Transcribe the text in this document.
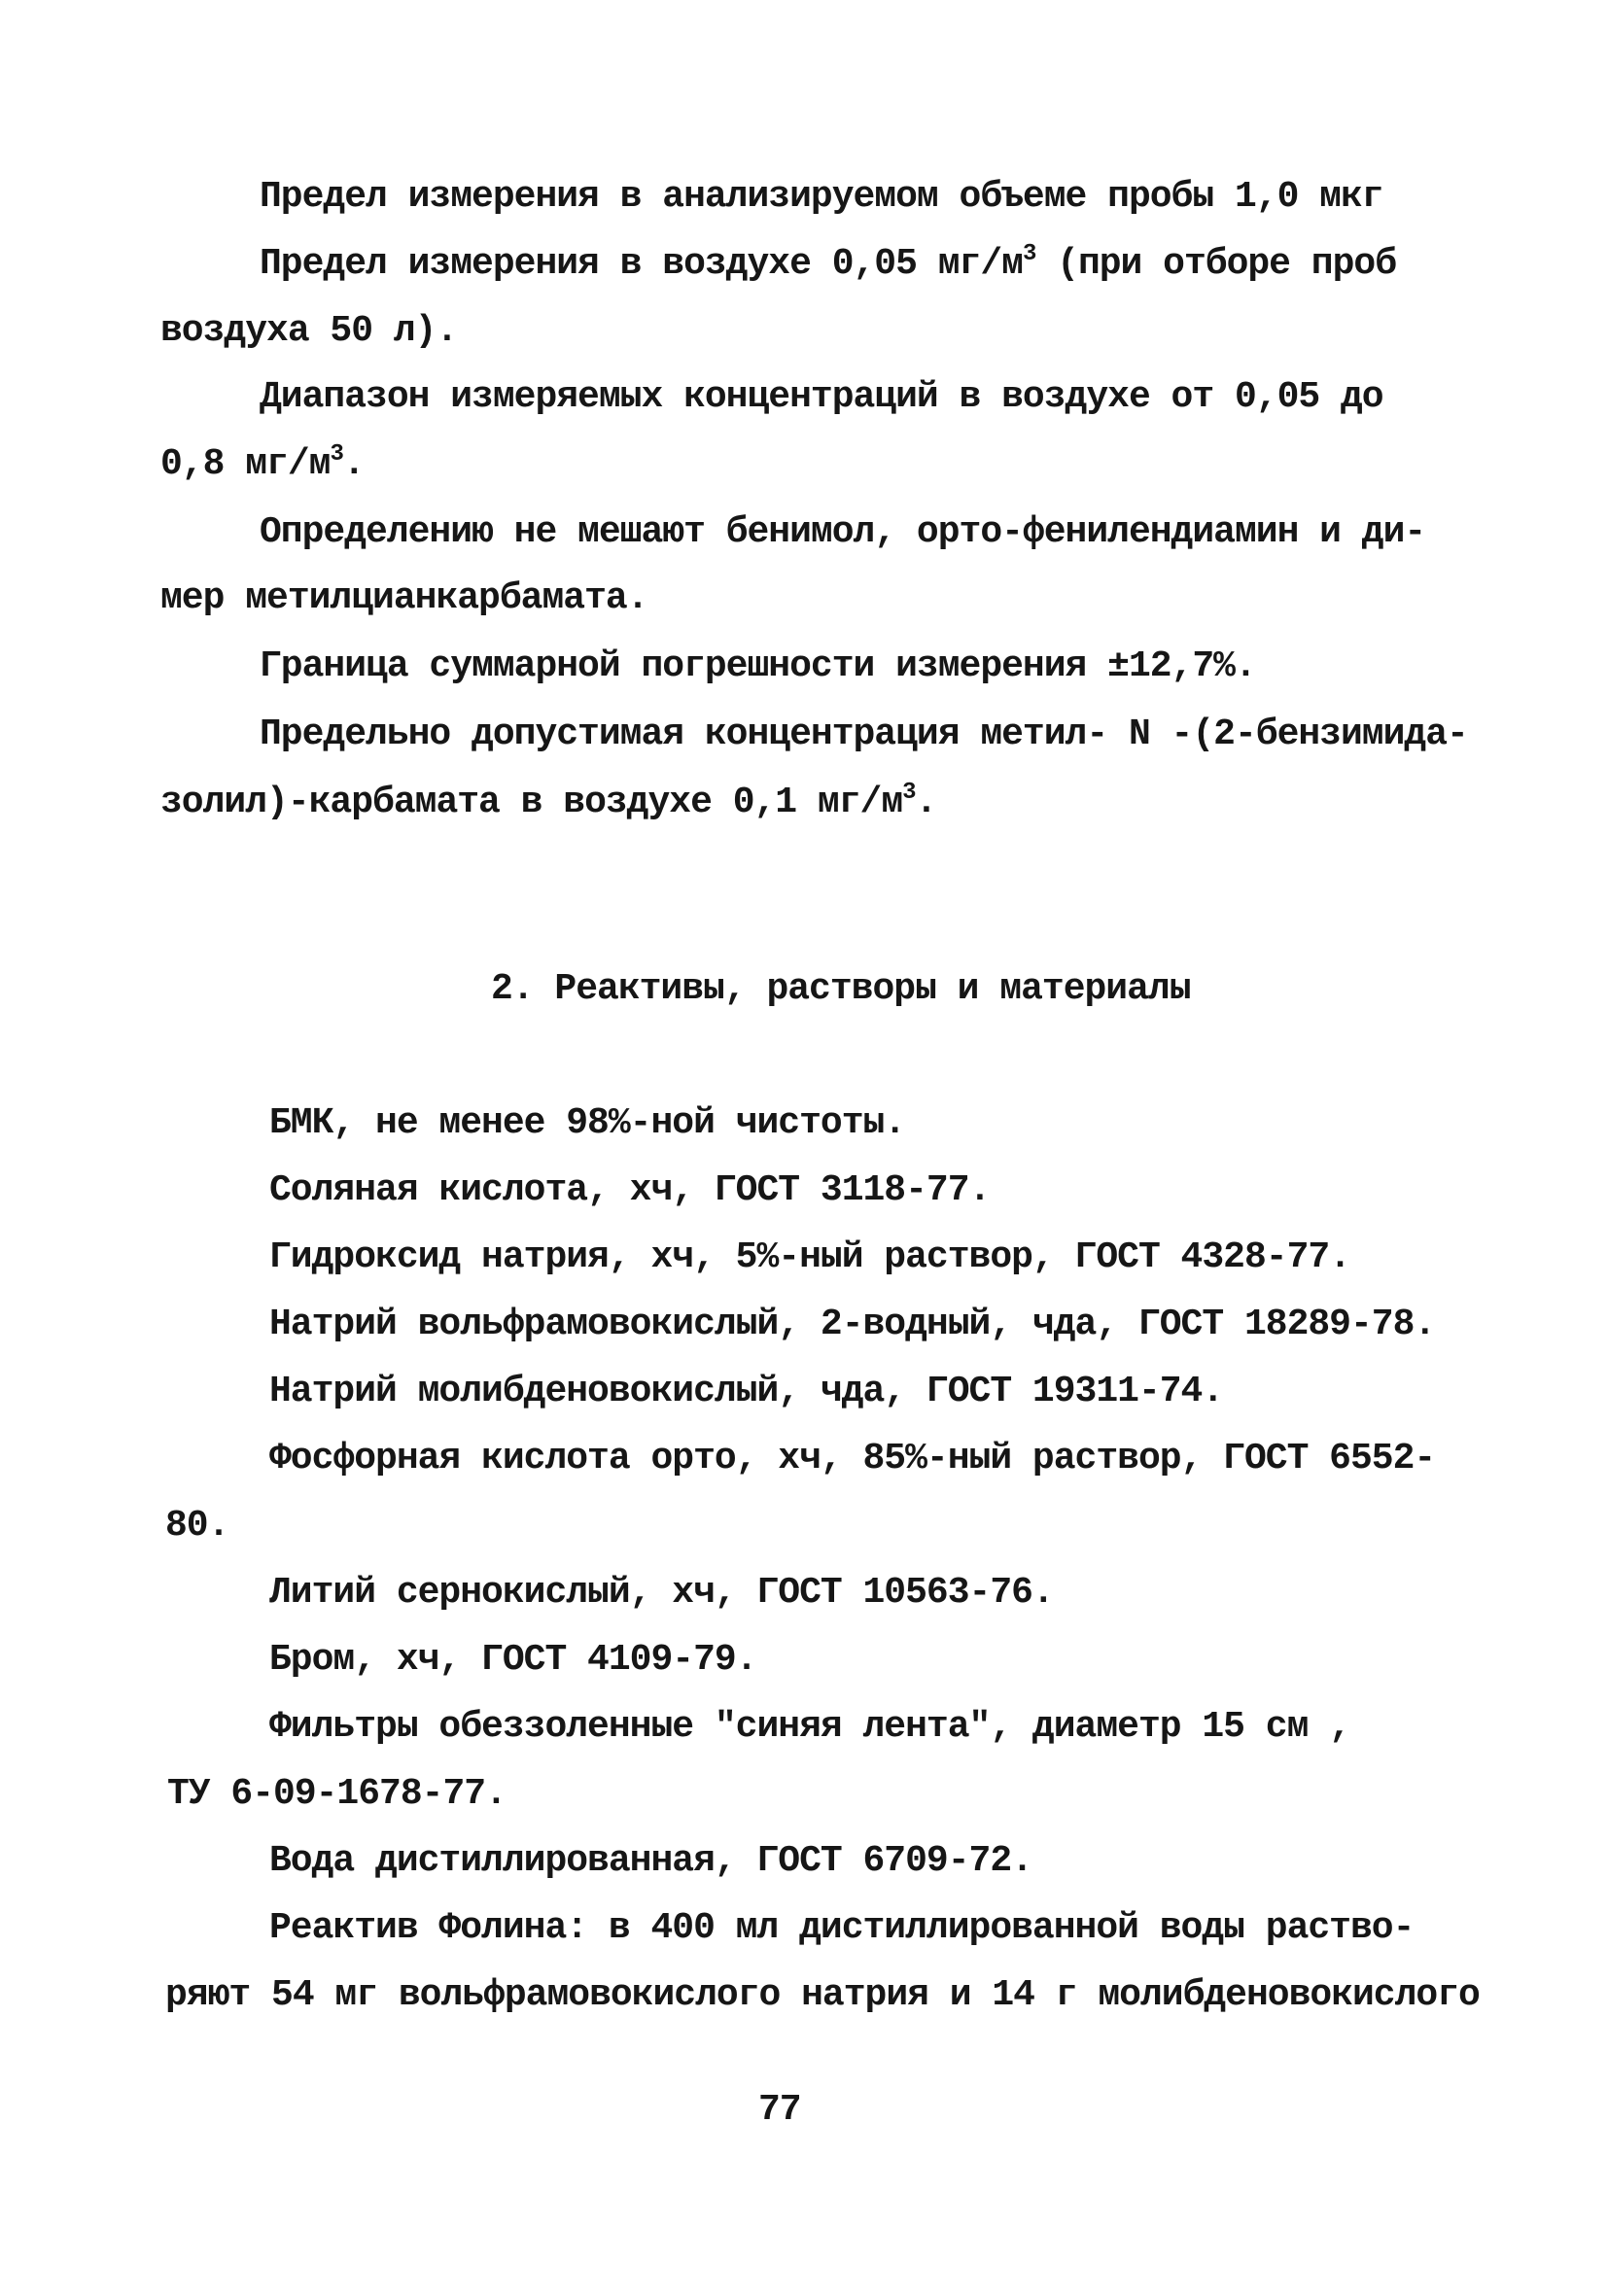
Предел измерения в анализируемом объеме пробы 1,0 мкг
Предел измерения в воздухе 0,05 $мг/м^3$ (при отборе проб
воздуха 50 л).
Диапазон измеряемых концентраций в воздухе от 0,05 до
0,8 $мг/м^3$.
Определению не мешают бенимол, орто-фенилендиамин и ди-
мер метилцианкарбамата.
Граница суммарной погрешности измерения ±12,7%.
Предельно допустимая концентрация метил- N -(2-бензимида-
золил)-карбамата в воздухе 0,1 $мг/м^3$.
2. Реактивы, растворы и материалы
БМК, не менее 98%-ной чистоты.
Соляная кислота, хч, ГОСТ 3118-77.
Гидроксид натрия, хч, 5%-ный раствор, ГОСТ 4328-77.
Натрий вольфрамовокислый, 2-водный, чда, ГОСТ 18289-78.
Натрий молибденовокислый, чда, ГОСТ 19311-74.
Фосфорная кислота орто, хч, 85%-ный раствор, ГОСТ 6552-
80.
Литий сернокислый, хч, ГОСТ 10563-76.
Бром, хч, ГОСТ 4109-79.
Фильтры обеззоленные "синяя лента", диаметр 15 см ,
ТУ 6-09-1678-77.
Вода дистиллированная, ГОСТ 6709-72.
Реактив Фолина: в 400 мл дистиллированной воды раство-
ряют 54 мг вольфрамовокислого натрия и 14 г молибденовокислого
77
